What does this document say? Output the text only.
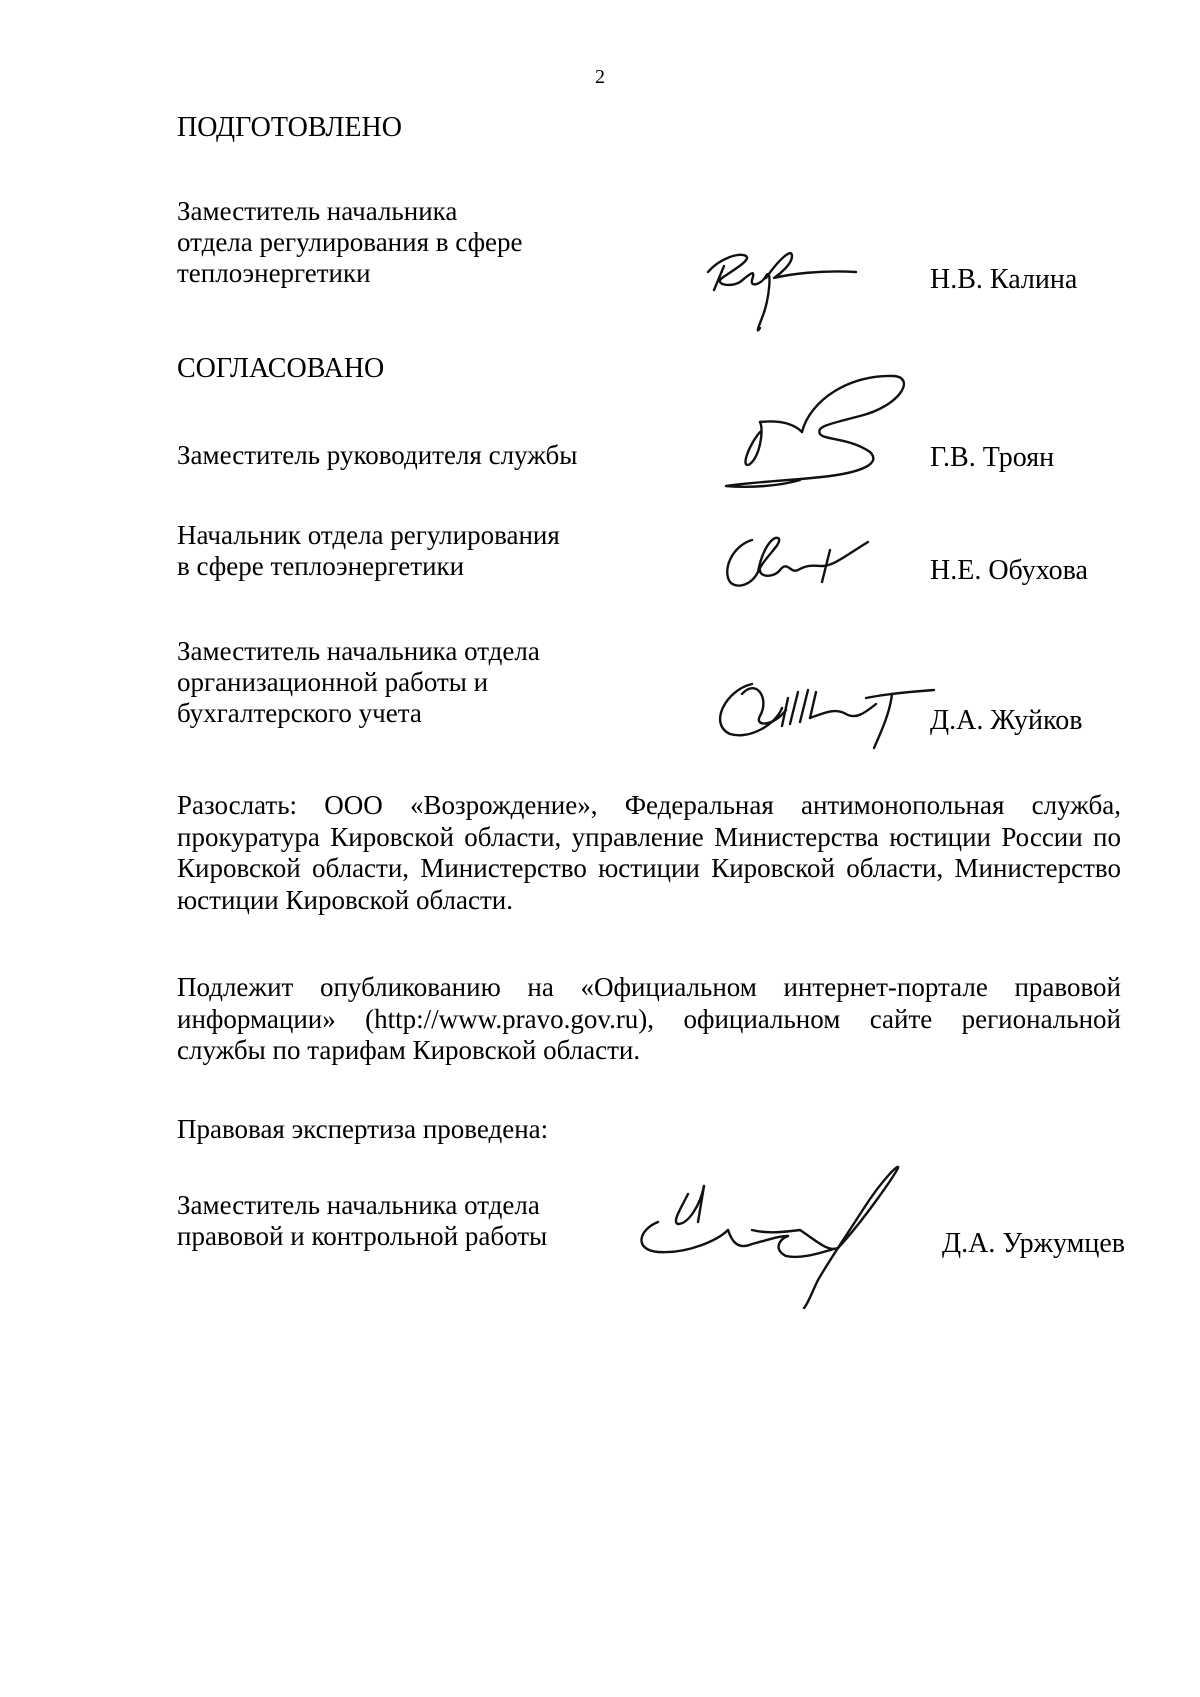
2
ПОДГОТОВЛЕНО
Заместитель начальника
отдела регулирования в сфере
теплоэнергетики	Н.В. Калина
СОГЛАСОВАНО
Заместитель руководителя службы	Г.В. Троян
Начальник отдела регулирования
в сфере теплоэнергетики	Н.Е. Обухова
Заместитель начальника отдела
организационной работы и
бухгалтерского учета	Д.А. Жуйков
Разослать: ООО «Возрождение», Федеральная антимонопольная служба, прокуратура Кировской области, управление Министерства юстиции России по Кировской области, Министерство юстиции Кировской области, Министерство юстиции Кировской области.
Подлежит опубликованию на «Официальном интернет-портале правовой информации» (http://www.pravo.gov.ru), официальном сайте региональной службы по тарифам Кировской области.
Правовая экспертиза проведена:
Заместитель начальника отдела
правовой и контрольной работы	Д.А. Уржумцев
